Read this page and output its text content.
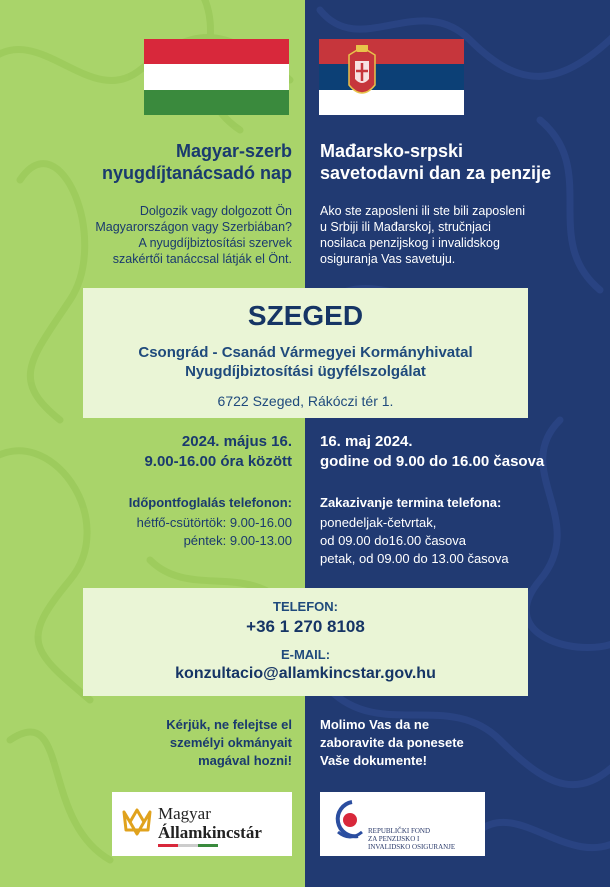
Magyar-szerb
nyugdíjtanácsadó nap
Mađarsko-srpski
savetodavni dan za penzije
Dolgozik vagy dolgozott Ön
Magyarországon vagy Szerbiában?
A nyugdíjbiztosítási szervek
szakértői tanáccsal látják el Önt.
Ako ste zaposleni ili ste bili zaposleni
u Srbiji ili Mađarskoj, stručnjaci
nosilaca penzijskog i invalidskog
osiguranja Vas savetuju.
SZEGED
Csongrád - Csanád Vármegyei Kormányhivatal
Nyugdíjbiztosítási ügyfélszolgálat
6722 Szeged, Rákóczi tér 1.
2024. május 16.
9.00-16.00 óra között
16. maj 2024.
godine od 9.00 do 16.00 časova
Időpontfoglalás telefonon: Zakazivanje termina telefona:
hétfő-csütörtök: 9.00-16.00
péntek: 9.00-13.00
ponedeljak-četvrtak,
od 09.00 do16.00 časova
petak, od 09.00 do 13.00 časova
TELEFON:
+36 1 270 8108
E-MAIL:
konzultacio@allamkincstar.gov.hu
Kérjük, ne felejtse el
személyi okmányait
magával hozni!
Molimo Vas da ne
zaboravite da ponesete
Vaše dokumente!
Magyar
Államkincstár	REPUBLIČKI FOND
ZA PENZIJSKO I
INVALIDSKO OSIGURANJE
